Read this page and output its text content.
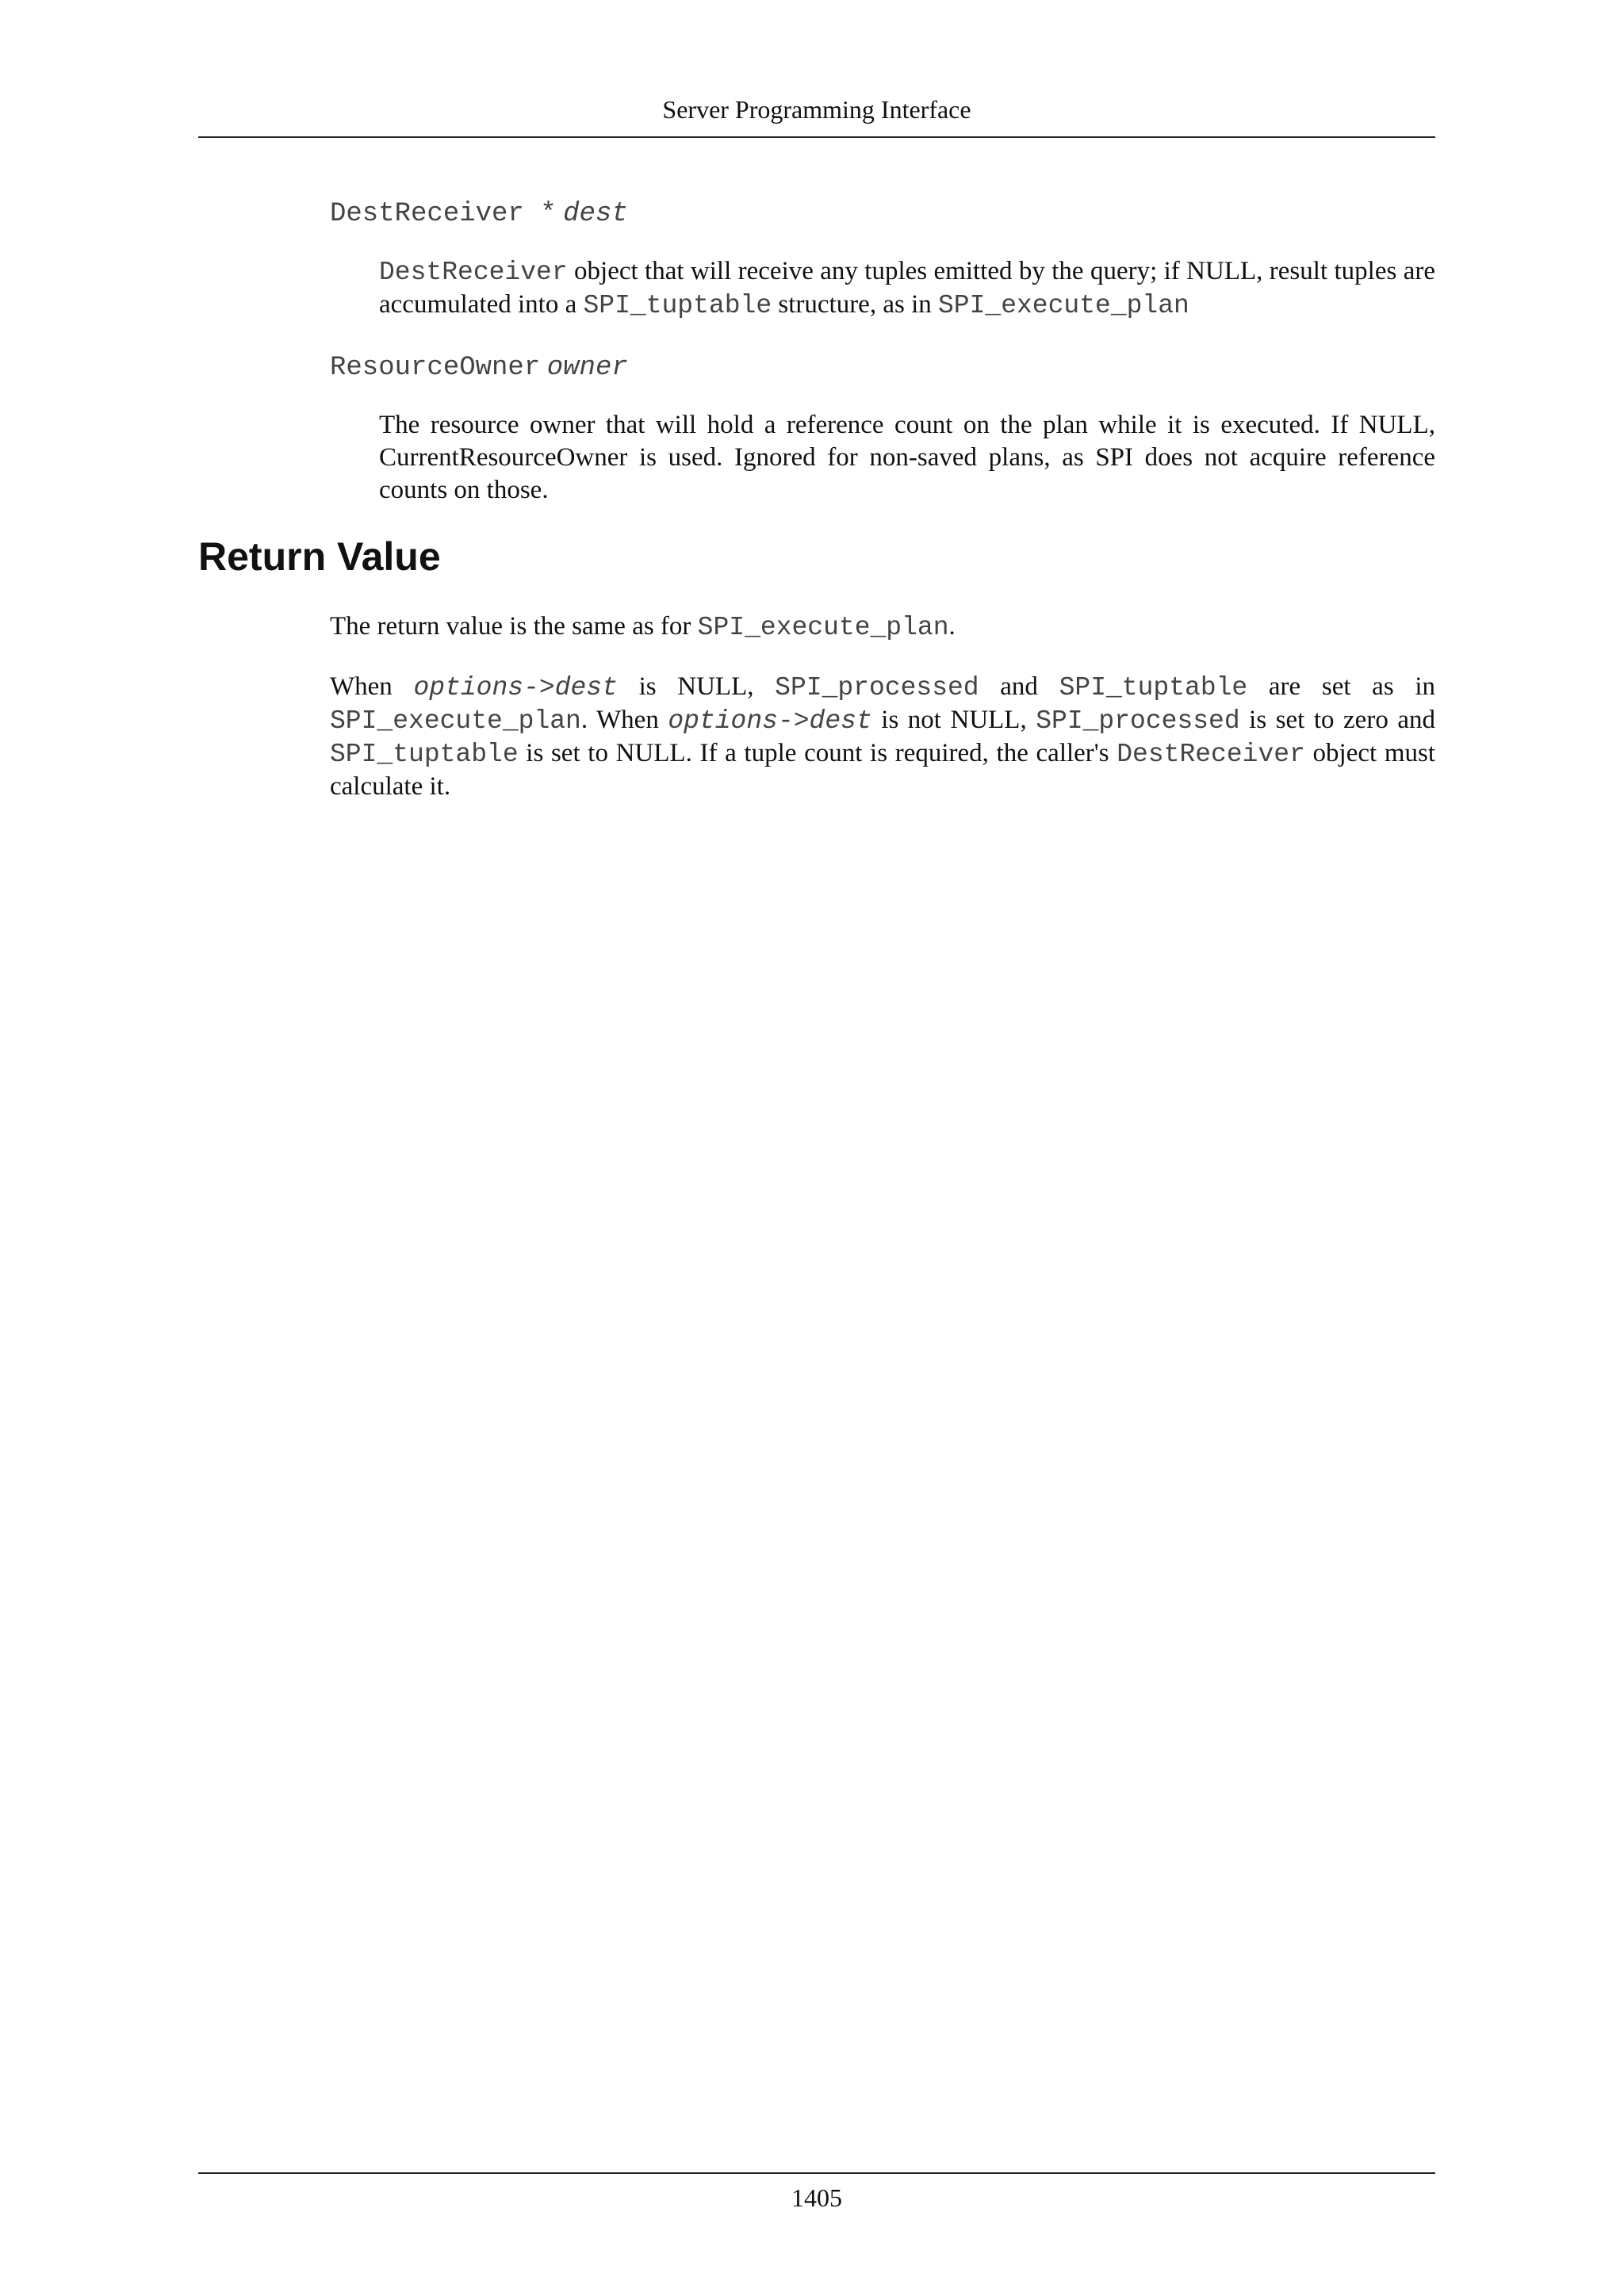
Server Programming Interface
DestReceiver * dest
DestReceiver object that will receive any tuples emitted by the query; if NULL, result tuples are accumulated into a SPI_tuptable structure, as in SPI_execute_plan
ResourceOwner owner
The resource owner that will hold a reference count on the plan while it is executed. If NULL, CurrentResourceOwner is used. Ignored for non-saved plans, as SPI does not acquire reference counts on those.
Return Value
The return value is the same as for SPI_execute_plan.
When options->dest is NULL, SPI_processed and SPI_tuptable are set as in SPI_execute_plan. When options->dest is not NULL, SPI_processed is set to zero and SPI_tuptable is set to NULL. If a tuple count is required, the caller's DestReceiver object must calculate it.
1405
